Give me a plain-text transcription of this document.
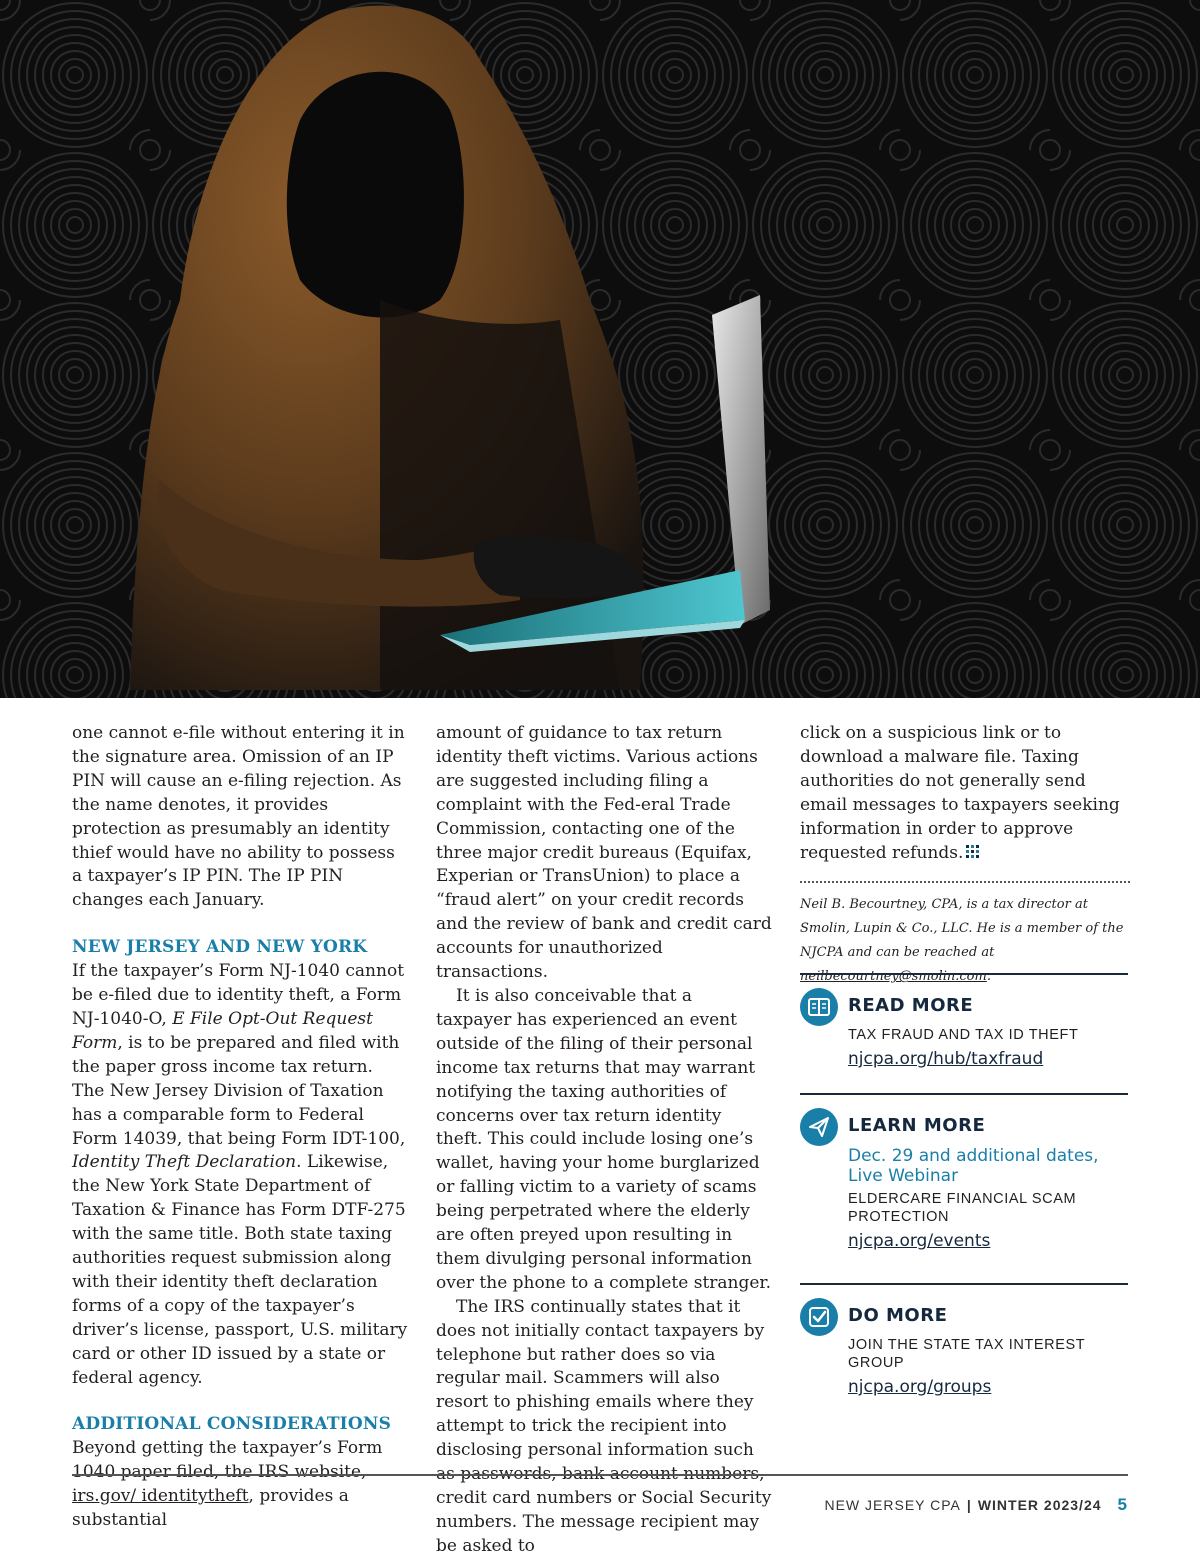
one cannot e-file without entering it in the signature area. Omission of an IP PIN will cause an e-filing rejection. As the name denotes, it provides protection as presumably an identity thief would have no ability to possess a taxpayer’s IP PIN. The IP PIN changes each January.

NEW JERSEY AND NEW YORK

If the taxpayer’s Form NJ-1040 cannot be e-filed due to identity theft, a Form NJ-1040-O, E File Opt-Out Request Form, is to be prepared and filed with the paper gross income tax return. The New Jersey Division of Taxation has a comparable form to Federal Form 14039, that being Form IDT-100, Identity Theft Declaration. Likewise, the New York State Department of Taxation & Finance has Form DTF-275 with the same title. Both state taxing authorities request submission along with their identity theft declaration forms of a copy of the taxpayer’s driver’s license, passport, U.S. military card or other ID issued by a state or federal agency.

ADDITIONAL CONSIDERATIONS

Beyond getting the taxpayer’s Form 1040 paper filed, the IRS website, irs.gov/ identitytheft, provides a substantial

amount of guidance to tax return identity theft victims. Various actions are suggested including filing a complaint with the Fed-eral Trade Commission, contacting one of the three major credit bureaus (Equifax, Experian or TransUnion) to place a “fraud alert” on your credit records and the review of bank and credit card accounts for unauthorized transactions.

It is also conceivable that a taxpayer has experienced an event outside of the filing of their personal income tax returns that may warrant notifying the taxing authorities of concerns over tax return identity theft. This could include losing one’s wallet, having your home burglarized or falling victim to a variety of scams being perpetrated where the elderly are often preyed upon resulting in them divulging personal information over the phone to a complete stranger.

The IRS continually states that it does not initially contact taxpayers by telephone but rather does so via regular mail. Scammers will also resort to phishing emails where they attempt to trick the recipient into disclosing personal information such as passwords, bank account numbers, credit card numbers or Social Security numbers. The message recipient may be asked to

click on a suspicious link or to download a malware file. Taxing authorities do not generally send email messages to taxpayers seeking information in order to approve requested refunds.

Neil B. Becourtney, CPA, is a tax director at Smolin, Lupin & Co., LLC. He is a member of the NJCPA and can be reached at neilbecourtney@smolin.com.

READ MORE
TAX FRAUD AND TAX ID THEFT
njcpa.org/hub/taxfraud
LEARN MORE
Dec. 29 and additional dates, Live Webinar
ELDERCARE FINANCIAL SCAM PROTECTION
njcpa.org/events
DO MORE
JOIN THE STATE TAX INTEREST GROUP
njcpa.org/groups
NEW JERSEY CPA | WINTER 2023/24 5
